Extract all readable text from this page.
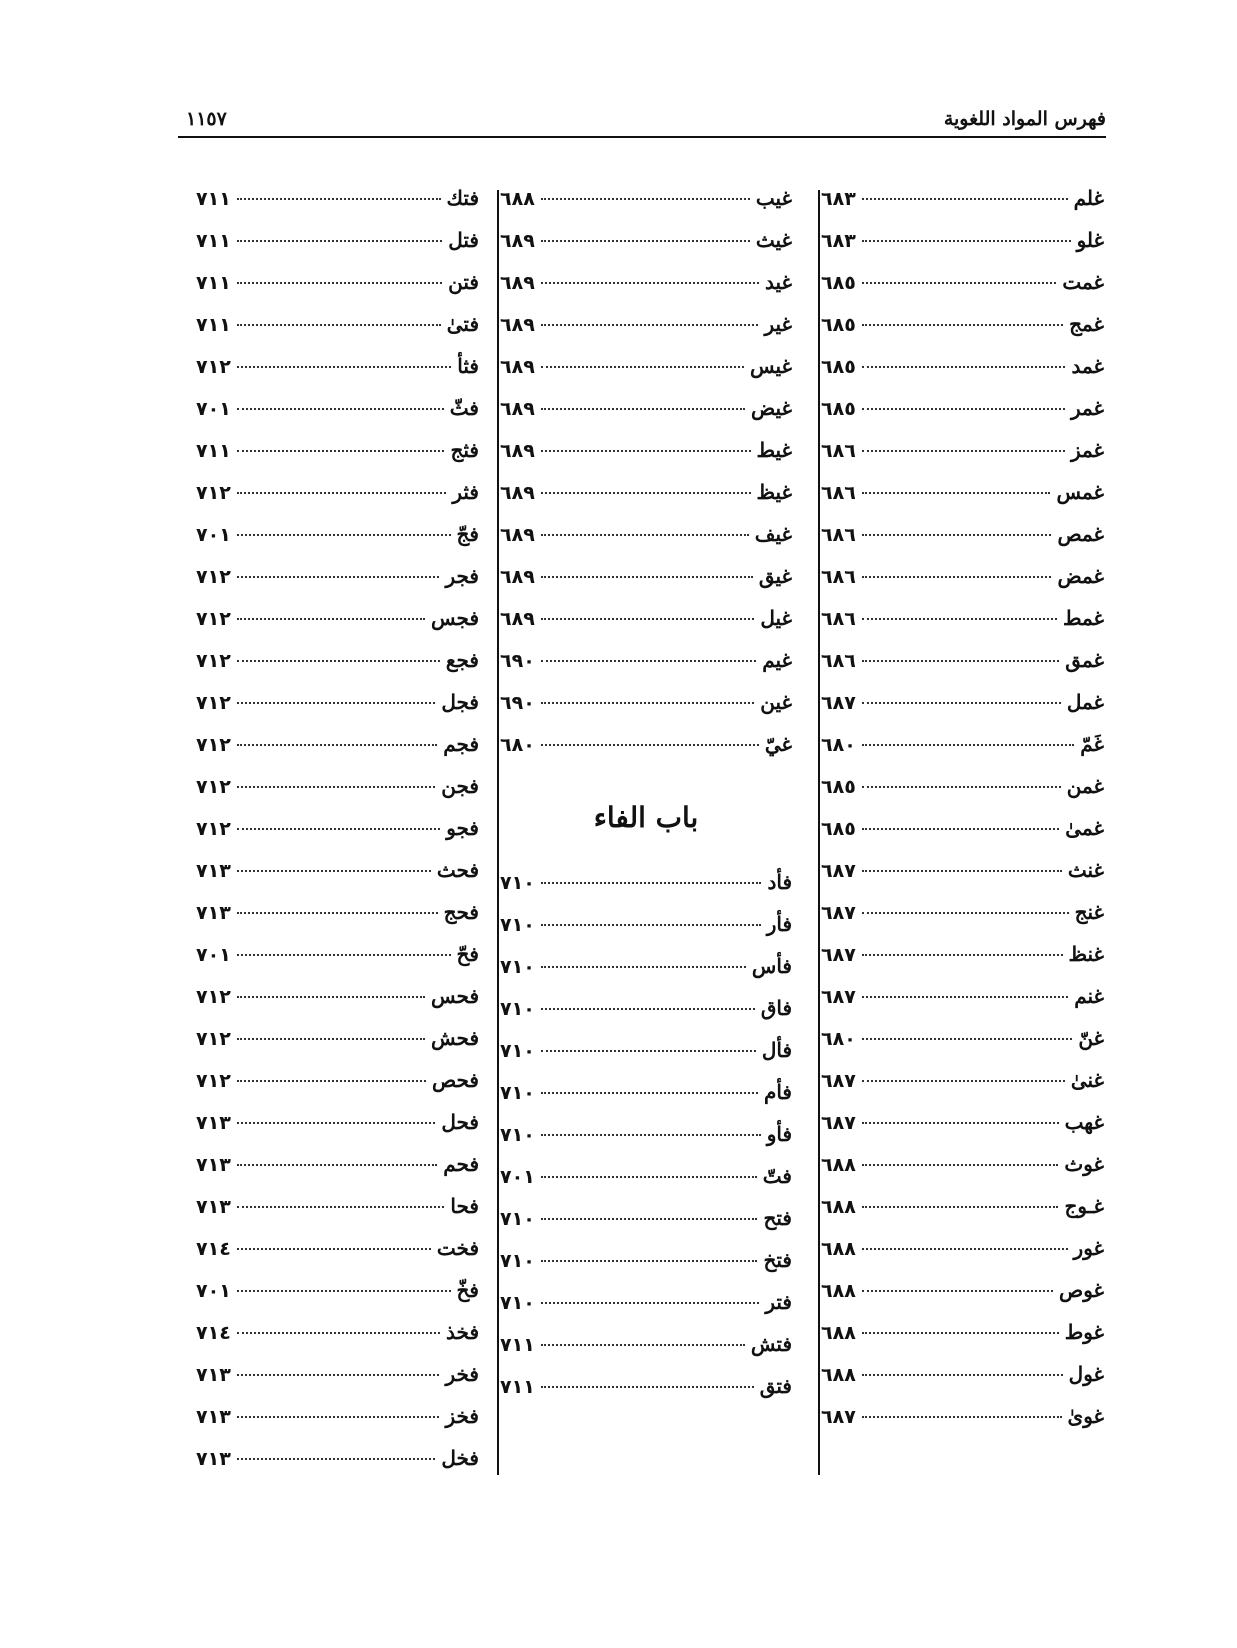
فهرس المواد اللغوية
١١٥٧
غلم
٦٨٣
غلو
٦٨٣
غمت
٦٨٥
غمج
٦٨٥
غمد
٦٨٥
غمر
٦٨٥
غمز
٦٨٦
غمس
٦٨٦
غمص
٦٨٦
غمض
٦٨٦
غمط
٦٨٦
غمق
٦٨٦
غمل
٦٨٧
غَمّ
٦٨٠
غمن
٦٨٥
غمىٰ
٦٨٥
غنث
٦٨٧
غنج
٦٨٧
غنظ
٦٨٧
غنم
٦٨٧
غنّ
٦٨٠
غنىٰ
٦٨٧
غهب
٦٨٧
غوث
٦٨٨
غـوج
٦٨٨
غور
٦٨٨
غوص
٦٨٨
غوط
٦٨٨
غول
٦٨٨
غوىٰ
٦٨٧
غيب
٦٨٨
غيث
٦٨٩
غيد
٦٨٩
غير
٦٨٩
غيس
٦٨٩
غيض
٦٨٩
غيط
٦٨٩
غيظ
٦٨٩
غيف
٦٨٩
غيق
٦٨٩
غيل
٦٨٩
غيم
٦٩٠
غين
٦٩٠
غيّ
٦٨٠
باب الفاء
فأد
٧١٠
فأر
٧١٠
فأس
٧١٠
فاق
٧١٠
فأل
٧١٠
فأم
٧١٠
فأو
٧١٠
فتّ
٧٠١
فتح
٧١٠
فتخ
٧١٠
فتر
٧١٠
فتش
٧١١
فتق
٧١١
فتك
٧١١
فتل
٧١١
فتن
٧١١
فتىٰ
٧١١
فثأ
٧١٢
فثّ
٧٠١
فثج
٧١١
فثر
٧١٢
فجّ
٧٠١
فجر
٧١٢
فجس
٧١٢
فجع
٧١٢
فجل
٧١٢
فجم
٧١٢
فجن
٧١٢
فجو
٧١٢
فحث
٧١٣
فحج
٧١٣
فحّ
٧٠١
فحس
٧١٢
فحش
٧١٢
فحص
٧١٢
فحل
٧١٣
فحم
٧١٣
فحا
٧١٣
فخت
٧١٤
فخّ
٧٠١
فخذ
٧١٤
فخر
٧١٣
فخز
٧١٣
فخل
٧١٣
